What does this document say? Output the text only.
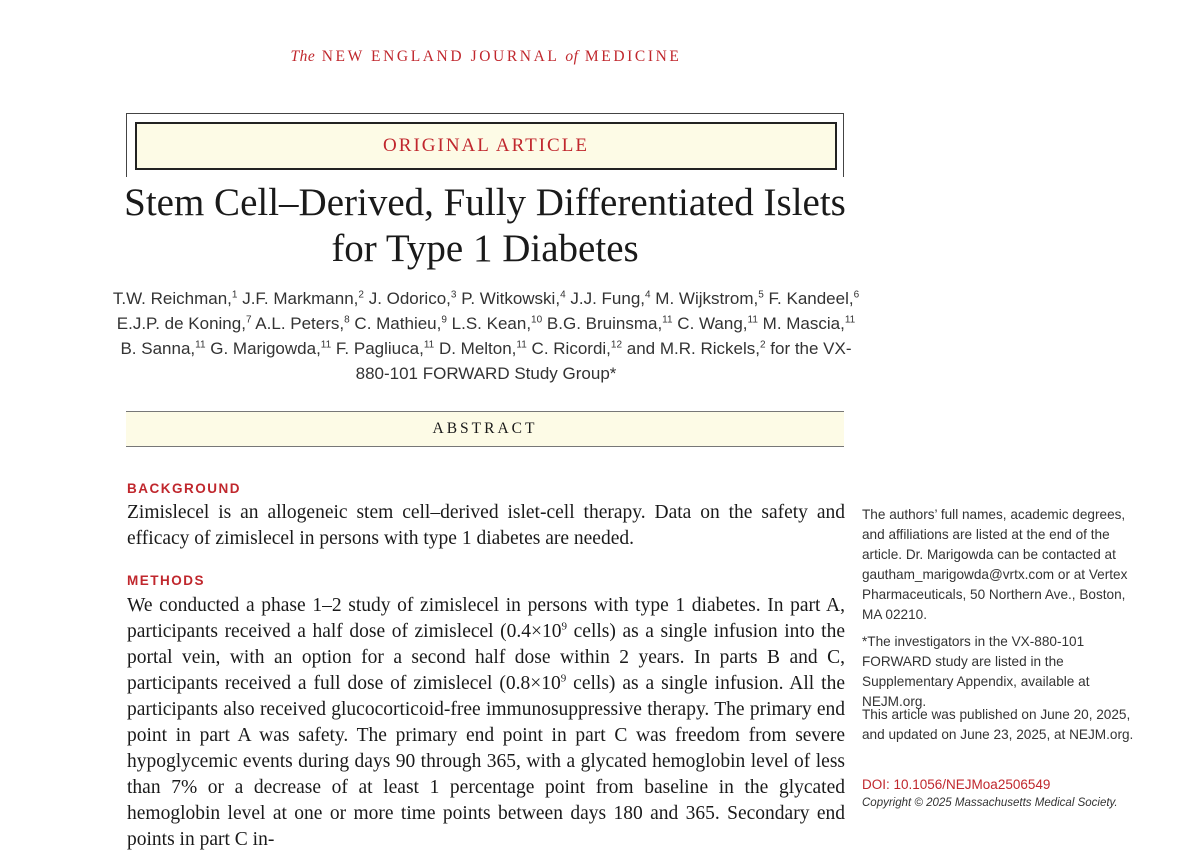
The NEW ENGLAND JOURNAL of MEDICINE
ORIGINAL ARTICLE
Stem Cell–Derived, Fully Differentiated Islets
for Type 1 Diabetes
T.W. Reichman,$^1$ J.F. Markmann,$^2$ J. Odorico,$^3$ P. Witkowski,$^4$ J.J. Fung,$^4$ M. Wijkstrom,$^5$ F. Kandeel,$^6$ E.J.P. de Koning,$^7$ A.L. Peters,$^8$ C. Mathieu,$^9$ L.S. Kean,$^{10}$ B.G. Bruinsma,$^{11}$ C. Wang,$^{11}$ M. Mascia,$^{11}$ B. Sanna,$^{11}$ G. Marigowda,$^{11}$ F. Pagliuca,$^{11}$ D. Melton,$^{11}$ C. Ricordi,$^{12}$ and M.R. Rickels,$^2$ for the VX-880-101 FORWARD Study Group*
ABSTRACT
BACKGROUND

Zimislecel is an allogeneic stem cell–derived islet-cell therapy. Data on the safety and efficacy of zimislecel in persons with type 1 diabetes are needed.

METHODS

We conducted a phase 1–2 study of zimislecel in persons with type 1 diabetes. In part A, participants received a half dose of zimislecel ($0.4\times 10^9$ cells) as a single infusion into the portal vein, with an option for a second half dose within 2 years. In parts B and C, participants received a full dose of zimislecel ($0.8\times 10^9$ cells) as a single infusion. All the participants also received glucocorticoid-free immunosuppressive therapy. The primary end point in part A was safety. The primary end point in part C was freedom from severe hypoglycemic events during days 90 through 365, with a glycated hemoglobin level of less than 7% or a decrease of at least 1 percentage point from baseline in the glycated hemoglobin level at one or more time points between days 180 and 365. Secondary end points in part C in-

The authors’ full names, academic degrees, and affiliations are listed at the end of the article. Dr. Marigowda can be contacted at gautham_marigowda@vrtx.com or at Vertex Pharmaceuticals, 50 Northern Ave., Boston, MA 02210.

*The investigators in the VX-880-101 FORWARD study are listed in the Supplementary Appendix, available at NEJM.org.

This article was published on June 20, 2025, and updated on June 23, 2025, at NEJM.org.

DOI: 10.1056/NEJMoa2506549
Copyright © 2025 Massachusetts Medical Society.
